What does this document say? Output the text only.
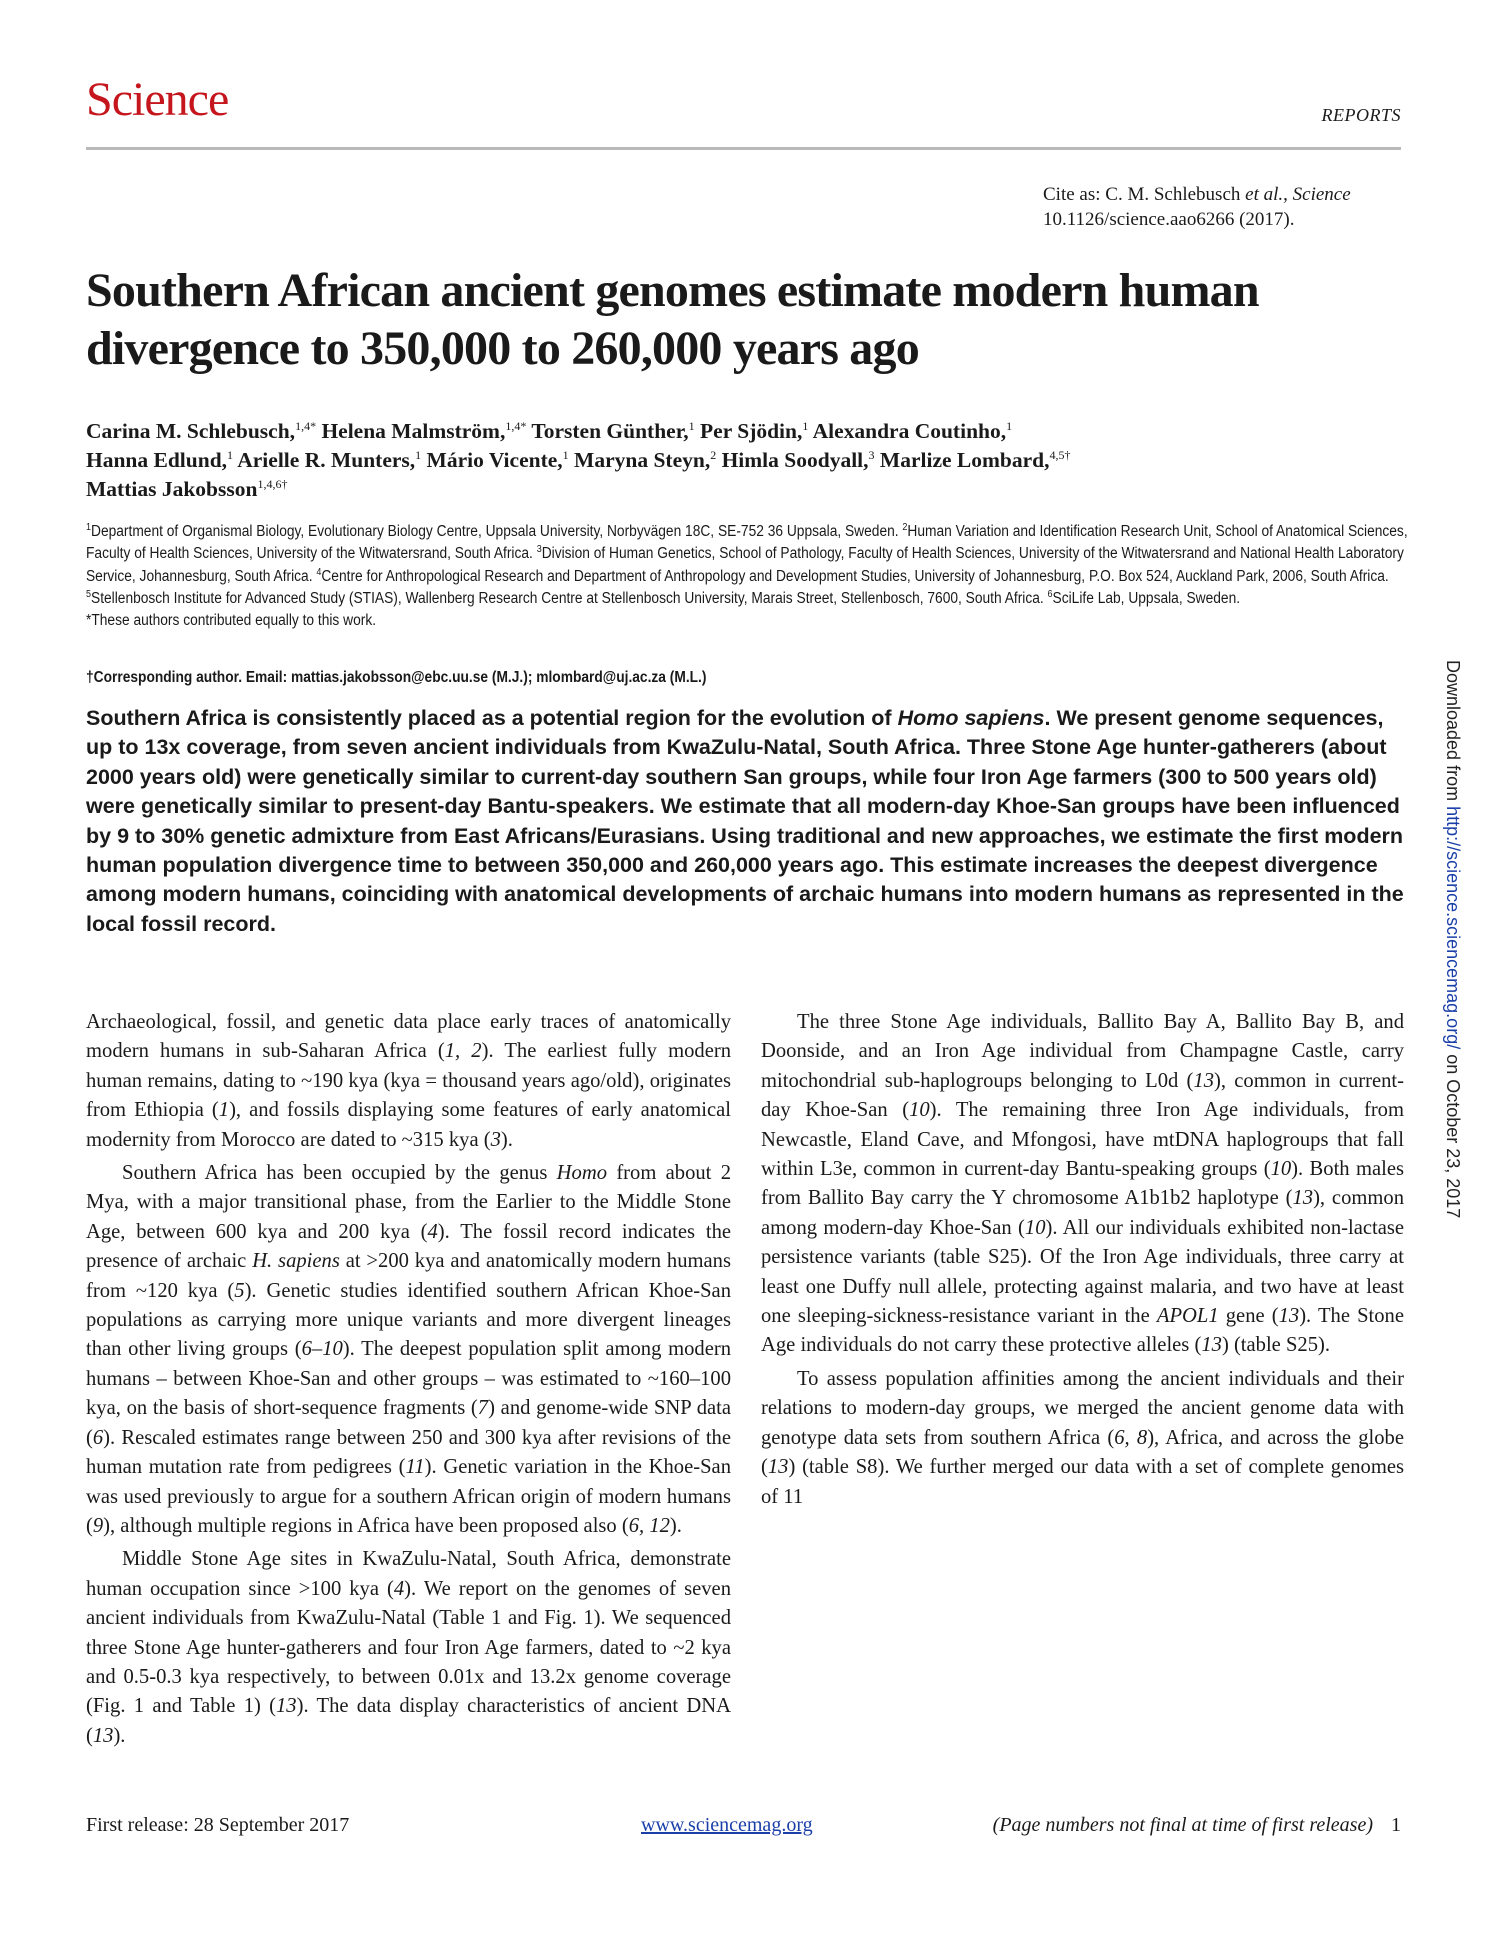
Science	REPORTS
Cite as: C. M. Schlebusch et al., Science
10.1126/science.aao6266 (2017).
Southern African ancient genomes estimate modern human divergence to 350,000 to 260,000 years ago
Carina M. Schlebusch,$^{1,4*}$ Helena Malmström,$^{1,4*}$ Torsten Günther,$^1$ Per Sjödin,$^1$ Alexandra Coutinho,$^1$
Hanna Edlund,$^1$ Arielle R. Munters,$^1$ Mário Vicente,$^1$ Maryna Steyn,$^2$ Himla Soodyall,$^3$ Marlize Lombard,$^{4,5\dagger}$
Mattias Jakobsson$^{1,4,6\dagger}$

$^1$Department of Organismal Biology, Evolutionary Biology Centre, Uppsala University, Norbyvägen 18C, SE-752 36 Uppsala, Sweden. $^2$Human Variation and Identification Research Unit, School of Anatomical Sciences, Faculty of Health Sciences, University of the Witwatersrand, South Africa. $^3$Division of Human Genetics, School of Pathology, Faculty of Health Sciences, University of the Witwatersrand and National Health Laboratory Service, Johannesburg, South Africa. $^4$Centre for Anthropological Research and Department of Anthropology and Development Studies, University of Johannesburg, P.O. Box 524, Auckland Park, 2006, South Africa. $^5$Stellenbosch Institute for Advanced Study (STIAS), Wallenberg Research Centre at Stellenbosch University, Marais Street, Stellenbosch, 7600, South Africa. $^6$SciLife Lab, Uppsala, Sweden.

*These authors contributed equally to this work.

†Corresponding author. Email: mattias.jakobsson@ebc.uu.se (M.J.); mlombard@uj.ac.za (M.L.)

Southern Africa is consistently placed as a potential region for the evolution of Homo sapiens. We present genome sequences, up to 13x coverage, from seven ancient individuals from KwaZulu-Natal, South Africa. Three Stone Age hunter-gatherers (about 2000 years old) were genetically similar to current-day southern San groups, while four Iron Age farmers (300 to 500 years old) were genetically similar to present-day Bantu-speakers. We estimate that all modern-day Khoe-San groups have been influenced by 9 to 30% genetic admixture from East Africans/Eurasians. Using traditional and new approaches, we estimate the first modern human population divergence time to between 350,000 and 260,000 years ago. This estimate increases the deepest divergence among modern humans, coinciding with anatomical developments of archaic humans into modern humans as represented in the local fossil record.

Archaeological, fossil, and genetic data place early traces of anatomically modern humans in sub-Saharan Africa (1, 2). The earliest fully modern human remains, dating to ~190 kya (kya = thousand years ago/old), originates from Ethiopia (1), and fossils displaying some features of early anatomical modernity from Morocco are dated to ~315 kya (3).

Southern Africa has been occupied by the genus Homo from about 2 Mya, with a major transitional phase, from the Earlier to the Middle Stone Age, between 600 kya and 200 kya (4). The fossil record indicates the presence of archaic H. sapiens at >200 kya and anatomically modern humans from ~120 kya (5). Genetic studies identified southern African Khoe-San populations as carrying more unique variants and more divergent lineages than other living groups (6–10). The deepest population split among modern humans – between Khoe-San and other groups – was estimated to ~160–100 kya, on the basis of short-sequence fragments (7) and genome-wide SNP data (6). Rescaled estimates range between 250 and 300 kya after revisions of the human mutation rate from pedigrees (11). Genetic variation in the Khoe-San was used previously to argue for a southern African origin of modern humans (9), although multiple regions in Africa have been proposed also (6, 12).

Middle Stone Age sites in KwaZulu-Natal, South Africa, demonstrate human occupation since >100 kya (4). We report on the genomes of seven ancient individuals from KwaZulu-Natal (Table 1 and Fig. 1). We sequenced three Stone Age hunter-gatherers and four Iron Age farmers, dated to ~2 kya and 0.5-0.3 kya respectively, to between 0.01x and 13.2x genome coverage (Fig. 1 and Table 1) (13). The data display characteristics of ancient DNA (13).

The three Stone Age individuals, Ballito Bay A, Ballito Bay B, and Doonside, and an Iron Age individual from Champagne Castle, carry mitochondrial sub-haplogroups belonging to L0d (13), common in current-day Khoe-San (10). The remaining three Iron Age individuals, from Newcastle, Eland Cave, and Mfongosi, have mtDNA haplogroups that fall within L3e, common in current-day Bantu-speaking groups (10). Both males from Ballito Bay carry the Y chromosome A1b1b2 haplotype (13), common among modern-day Khoe-San (10). All our individuals exhibited non-lactase persistence variants (table S25). Of the Iron Age individuals, three carry at least one Duffy null allele, protecting against malaria, and two have at least one sleeping-sickness-resistance variant in the APOL1 gene (13). The Stone Age individuals do not carry these protective alleles (13) (table S25).

To assess population affinities among the ancient individuals and their relations to modern-day groups, we merged the ancient genome data with genotype data sets from southern Africa (6, 8), Africa, and across the globe (13) (table S8). We further merged our data with a set of complete genomes of 11

Downloaded from http://science.sciencemag.org/ on October 23, 2017
First release: 28 September 2017	www.sciencemag.org	(Page numbers not final at time of first release) 1
